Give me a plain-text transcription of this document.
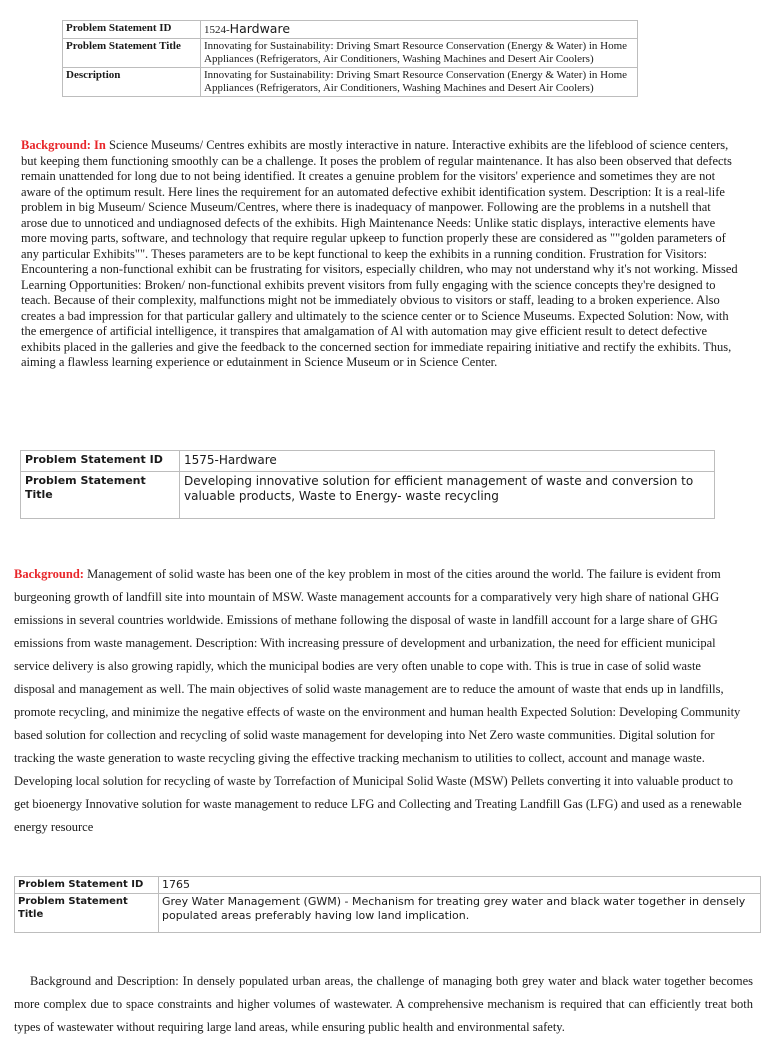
Problem Statement ID	1524-Hardware
Problem Statement Title	Innovating for Sustainability: Driving Smart Resource Conservation (Energy & Water) in Home Appliances (Refrigerators, Air Conditioners, Washing Machines and Desert Air Coolers)
Description	Innovating for Sustainability: Driving Smart Resource Conservation (Energy & Water) in Home Appliances (Refrigerators, Air Conditioners, Washing Machines and Desert Air Coolers)

Background: In Science Museums/ Centres exhibits are mostly interactive in nature. Interactive exhibits are the lifeblood of science centers, but keeping them functioning smoothly can be a challenge. It poses the problem of regular maintenance. It has also been observed that defects remain unattended for long due to not being identified. It creates a genuine problem for the visitors' experience and sometimes they are not aware of the optimum result. Here lines the requirement for an automated defective exhibit identification system. Description: It is a real-life problem in big Museum/ Science Museum/Centres, where there is inadequacy of manpower. Following are the problems in a nutshell that arose due to unnoticed and undiagnosed defects of the exhibits. High Maintenance Needs: Unlike static displays, interactive elements have more moving parts, software, and technology that require regular upkeep to function properly these are considered as ""golden parameters of any particular Exhibits"". Theses parameters are to be kept functional to keep the exhibits in a running condition. Frustration for Visitors: Encountering a non-functional exhibit can be frustrating for visitors, especially children, who may not understand why it's not working. Missed Learning Opportunities: Broken/ non-functional exhibits prevent visitors from fully engaging with the science concepts they're designed to teach. Because of their complexity, malfunctions might not be immediately obvious to visitors or staff, leading to a broken experience. Also creates a bad impression for that particular gallery and ultimately to the science center or to Science Museums. Expected Solution: Now, with the emergence of artificial intelligence, it transpires that amalgamation of Al with automation may give efficient result to detect defective exhibits placed in the galleries and give the feedback to the concerned section for immediate repairing initiative and rectify the exhibits. Thus, aiming a flawless learning experience or edutainment in Science Museum or in Science Center.

Problem Statement ID	1575-Hardware
Problem Statement Title	Developing innovative solution for efficient management of waste and conversion to valuable products, Waste to Energy- waste recycling

Background: Management of solid waste has been one of the key problem in most of the cities around the world. The failure is evident from burgeoning growth of landfill site into mountain of MSW. Waste management accounts for a comparatively very high share of national GHG emissions in several countries worldwide. Emissions of methane following the disposal of waste in landfill account for a large share of GHG emissions from waste management. Description: With increasing pressure of development and urbanization, the need for efficient municipal service delivery is also growing rapidly, which the municipal bodies are very often unable to cope with. This is true in case of solid waste disposal and management as well. The main objectives of solid waste management are to reduce the amount of waste that ends up in landfills, promote recycling, and minimize the negative effects of waste on the environment and human health Expected Solution: Developing Community based solution for collection and recycling of solid waste management for developing into Net Zero waste communities. Digital solution for tracking the waste generation to waste recycling giving the effective tracking mechanism to utilities to collect, account and manage waste. Developing local solution for recycling of waste by Torrefaction of Municipal Solid Waste (MSW) Pellets converting it into valuable product to get bioenergy Innovative solution for waste management to reduce LFG and Collecting and Treating Landfill Gas (LFG) and used as a renewable energy resource

Problem Statement ID	1765
Problem Statement Title	Grey Water Management (GWM) - Mechanism for treating grey water and black water together in densely populated areas preferably having low land implication.

Background and Description: In densely populated urban areas, the challenge of managing both grey water and black water together becomes more complex due to space constraints and higher volumes of wastewater. A comprehensive mechanism is required that can efficiently treat both types of wastewater without requiring large land areas, while ensuring public health and environmental safety.
